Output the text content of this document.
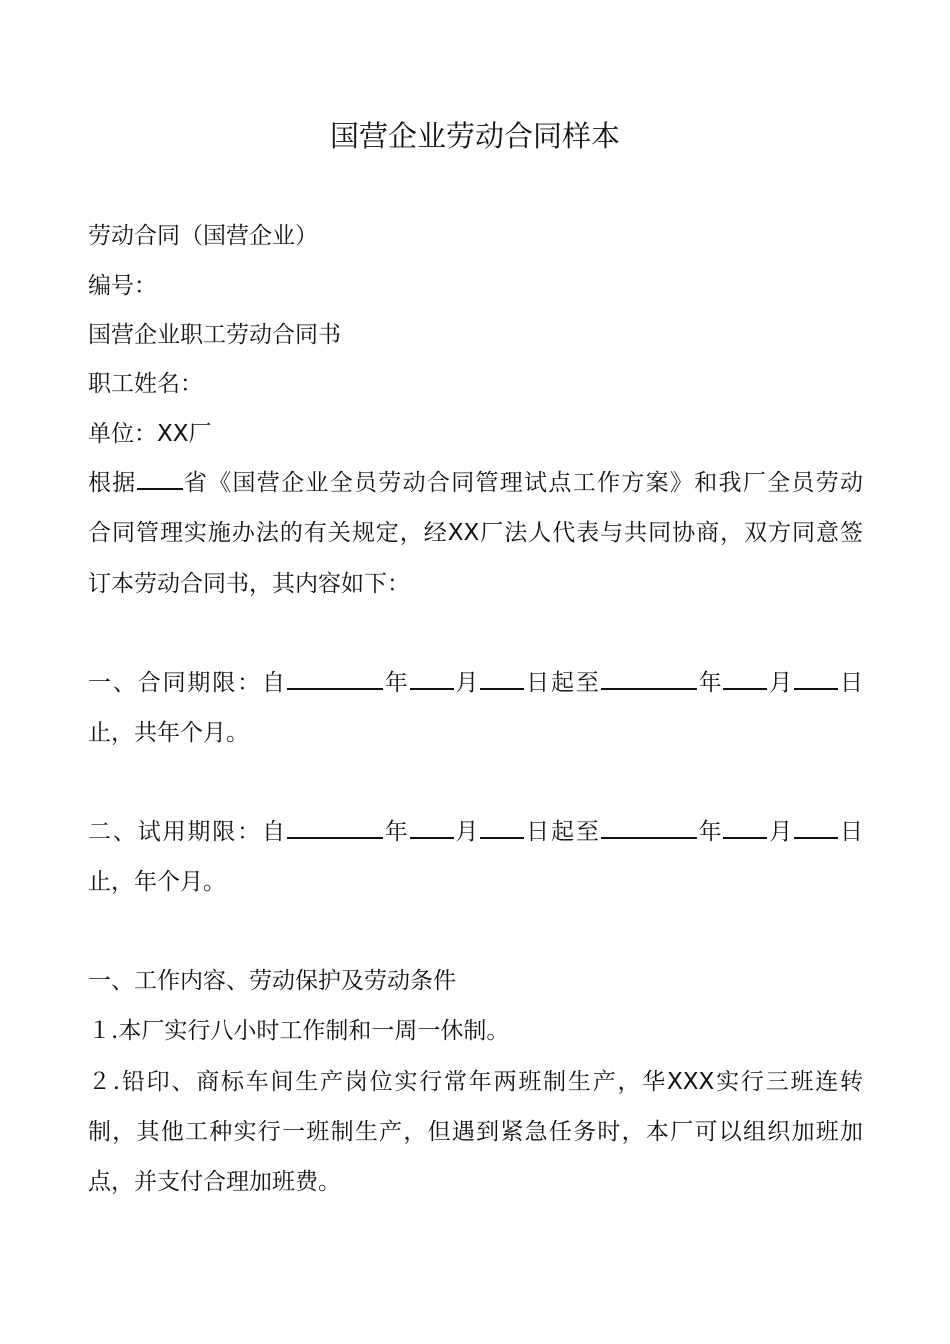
国营企业劳动合同样本
劳动合同（国营企业）
编号：
国营企业职工劳动合同书
职工姓名：
单位：XX厂
根据 省《国营企业全员劳动合同管理试点工作方案》和我厂全员劳动
合同管理实施办法的有关规定，经XX厂法人代表与共同协商，双方同意签
订本劳动合同书，其内容如下：
一、合同期限：自	年 月 日起至	年 月 日
止，共年个月。
二、试用期限：自	年 月 日起至	年 月 日
止，年个月。
一、工作内容、劳动保护及劳动条件
１.本厂实行八小时工作制和一周一休制。
２.铅印、商标车间生产岗位实行常年两班制生产，华XXX实行三班连转
制，其他工种实行一班制生产，但遇到紧急任务时，本厂可以组织加班加
点，并支付合理加班费。
